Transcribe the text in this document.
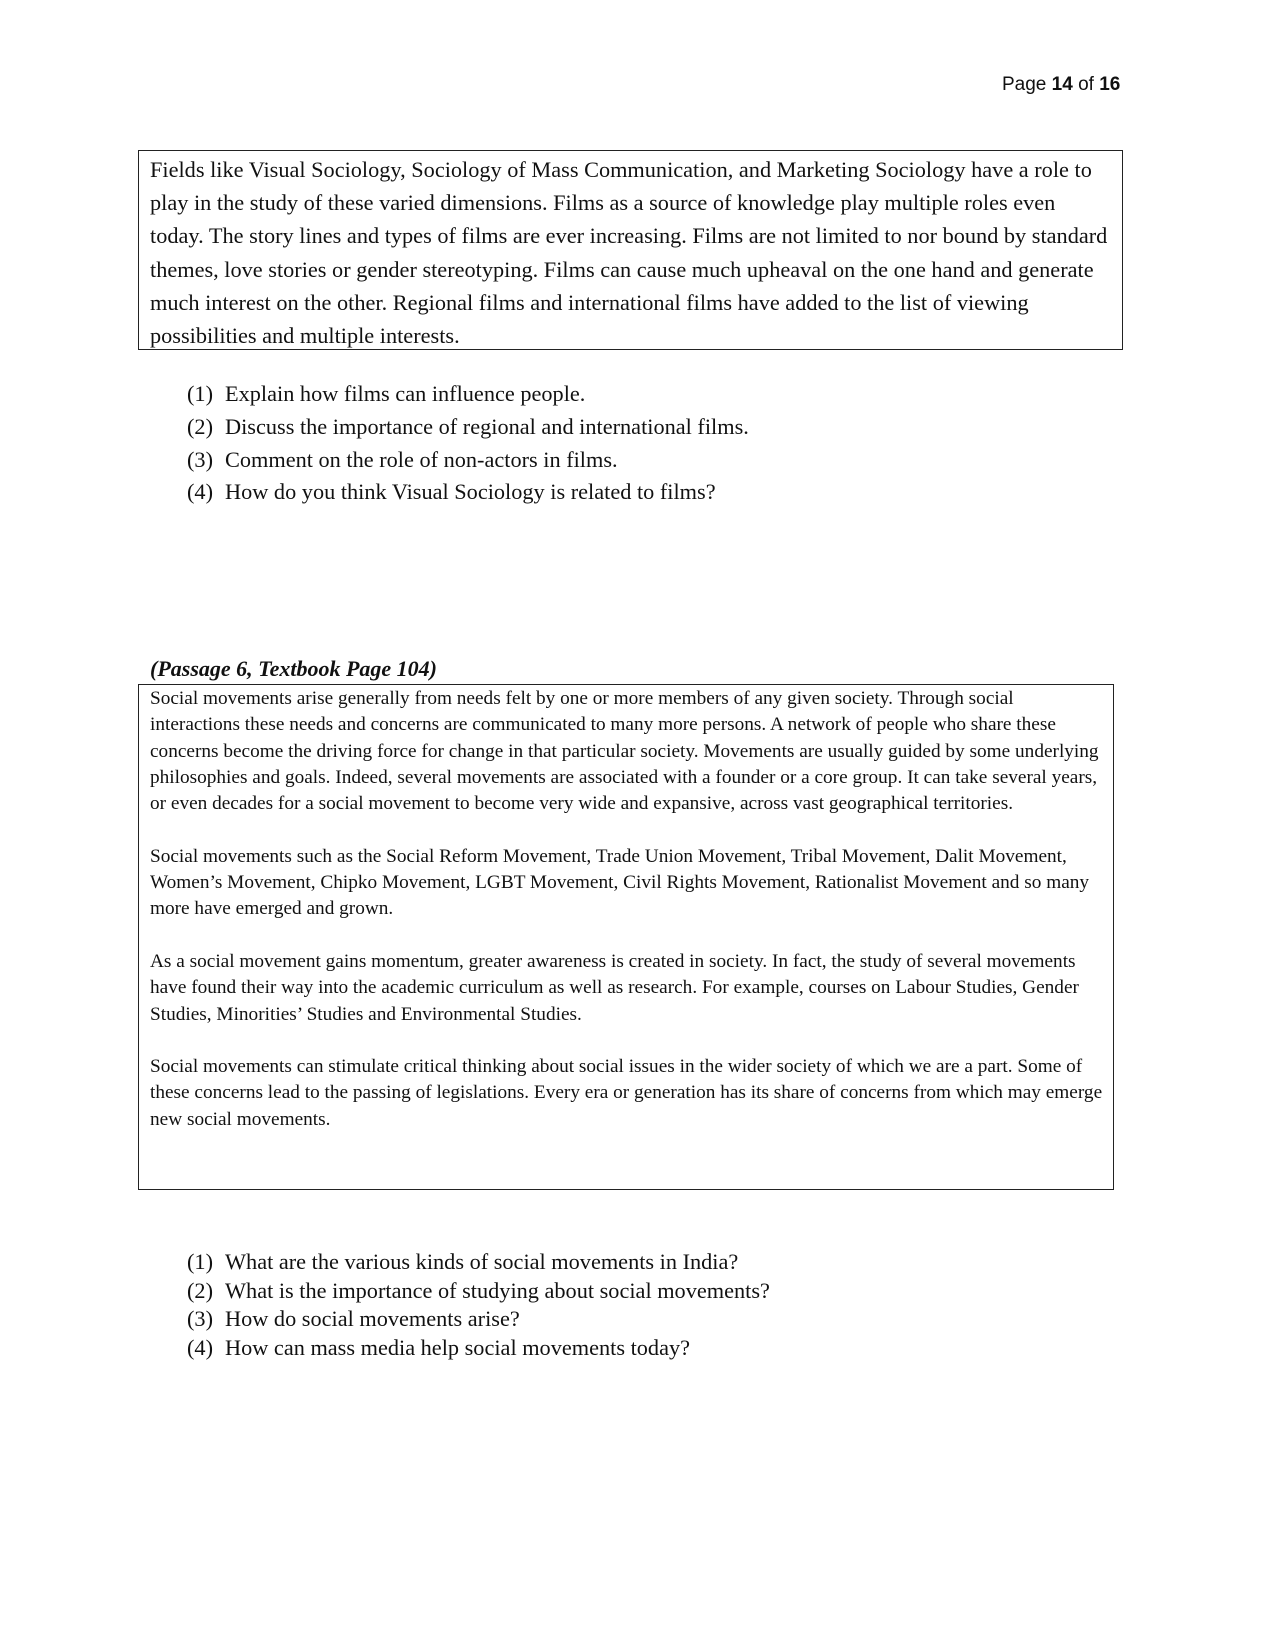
Page 14 of 16
Fields like Visual Sociology, Sociology of Mass Communication, and Marketing Sociology have a role to play in the study of these varied dimensions. Films as a source of knowledge play multiple roles even today. The story lines and types of films are ever increasing. Films are not limited to nor bound by standard themes, love stories or gender stereotyping. Films can cause much upheaval on the one hand and generate much interest on the other. Regional films and international films have added to the list of viewing possibilities and multiple interests.
(1) Explain how films can influence people.
(2) Discuss the importance of regional and international films.
(3) Comment on the role of non-actors in films.
(4) How do you think Visual Sociology is related to films?
(Passage 6, Textbook Page 104)

Social movements arise generally from needs felt by one or more members of any given society. Through social interactions these needs and concerns are communicated to many more persons. A network of people who share these concerns become the driving force for change in that particular society. Movements are usually guided by some underlying philosophies and goals. Indeed, several movements are associated with a founder or a core group. It can take several years, or even decades for a social movement to become very wide and expansive, across vast geographical territories.

Social movements such as the Social Reform Movement, Trade Union Movement, Tribal Movement, Dalit Movement, Women’s Movement, Chipko Movement, LGBT Movement, Civil Rights Movement, Rationalist Movement and so many more have emerged and grown.

As a social movement gains momentum, greater awareness is created in society. In fact, the study of several movements have found their way into the academic curriculum as well as research. For example, courses on Labour Studies, Gender Studies, Minorities’ Studies and Environmental Studies.

Social movements can stimulate critical thinking about social issues in the wider society of which we are a part. Some of these concerns lead to the passing of legislations. Every era or generation has its share of concerns from which may emerge new social movements.

(1) What are the various kinds of social movements in India?
(2) What is the importance of studying about social movements?
(3) How do social movements arise?
(4) How can mass media help social movements today?
